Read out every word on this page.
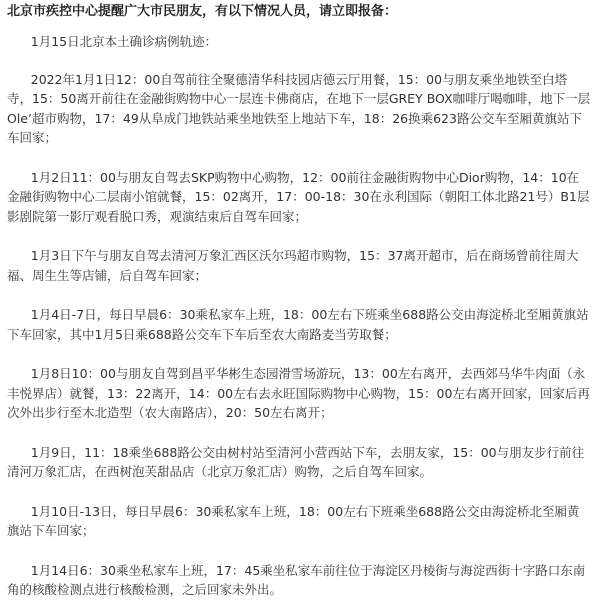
北京市疾控中心提醒广大市民朋友，有以下情况人员，请立即报备：

1月15日北京本土确诊病例轨迹：

2022年1月1日12：00自驾前往全聚德清华科技园店德云厅用餐，15：00与朋友乘坐地铁至白塔寺，15：50离开前往在金融街购物中心一层连卡佛商店，在地下一层GREY BOX咖啡厅喝咖啡，地下一层Ole’超市购物，17：49从阜成门地铁站乘坐地铁至上地站下车，18：26换乘623路公交车至厢黄旗站下车回家；

1月2日11：00与朋友自驾去SKP购物中心购物，12：00前往金融街购物中心Dior购物，14：10在金融街购物中心二层南小馆就餐，15：02离开，17：00-18：30在永利国际（朝阳工体北路21号）B1层影剧院第一影厅观看脱口秀，观演结束后自驾车回家；

1月3日下午与朋友自驾去清河万象汇西区沃尔玛超市购物，15：37离开超市，后在商场曾前往周大福、周生生等店铺，后自驾车回家；

1月4日-7日，每日早晨6：30乘私家车上班，18：00左右下班乘坐688路公交由海淀桥北至厢黄旗站下车回家，其中1月5日乘688路公交车下车后至农大南路麦当劳取餐；

1月8日10：00与朋友自驾到昌平华彬生态园滑雪场游玩，13：00左右离开，去西郊马华牛肉面（永丰悦界店）就餐，13：22离开，14：00左右去永旺国际购物中心购物，15：00左右离开回家，回家后再次外出步行至木北造型（农大南路店），20：50左右离开；

1月9日，11：18乘坐688路公交由树村站至清河小营西站下车，去朋友家，15：00与朋友步行前往清河万象汇店，在西树泡芙甜品店（北京万象汇店）购物，之后自驾车回家。

1月10日-13日，每日早晨6：30乘私家车上班，18：00左右下班乘坐688路公交由海淀桥北至厢黄旗站下车回家；

1月14日6：30乘坐私家车上班，17：45乘坐私家车前往位于海淀区丹棱街与海淀西街十字路口东南角的核酸检测点进行核酸检测，之后回家未外出。
